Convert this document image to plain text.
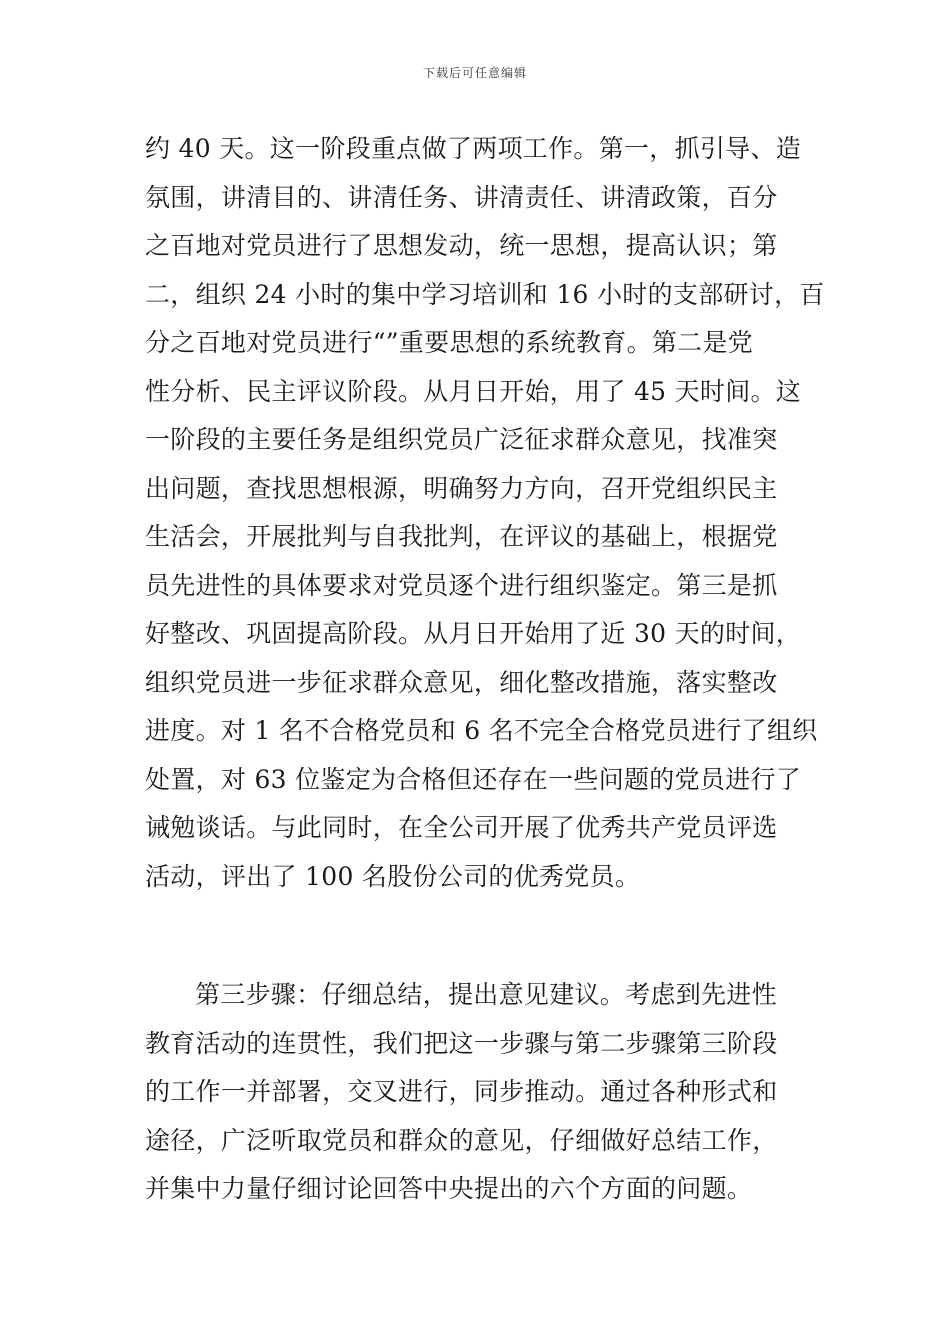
下载后可任意编辑
约 40 天。这一阶段重点做了两项工作。第一，抓引导、造
氛围，讲清目的、讲清任务、讲清责任、讲清政策，百分
之百地对党员进行了思想发动，统一思想，提高认识；第
二，组织 24 小时的集中学习培训和 16 小时的支部研讨，百
分之百地对党员进行“”重要思想的系统教育。第二是党
性分析、民主评议阶段。从月日开始，用了 45 天时间。这
一阶段的主要任务是组织党员广泛征求群众意见，找准突
出问题，查找思想根源，明确努力方向，召开党组织民主
生活会，开展批判与自我批判，在评议的基础上，根据党
员先进性的具体要求对党员逐个进行组织鉴定。第三是抓
好整改、巩固提高阶段。从月日开始用了近 30 天的时间，
组织党员进一步征求群众意见，细化整改措施，落实整改
进度。对 1 名不合格党员和 6 名不完全合格党员进行了组织
处置，对 63 位鉴定为合格但还存在一些问题的党员进行了
诫勉谈话。与此同时，在全公司开展了优秀共产党员评选
活动，评出了 100 名股份公司的优秀党员。
第三步骤：仔细总结，提出意见建议。考虑到先进性
教育活动的连贯性，我们把这一步骤与第二步骤第三阶段
的工作一并部署，交叉进行，同步推动。通过各种形式和
途径，广泛听取党员和群众的意见，仔细做好总结工作，
并集中力量仔细讨论回答中央提出的六个方面的问题。
